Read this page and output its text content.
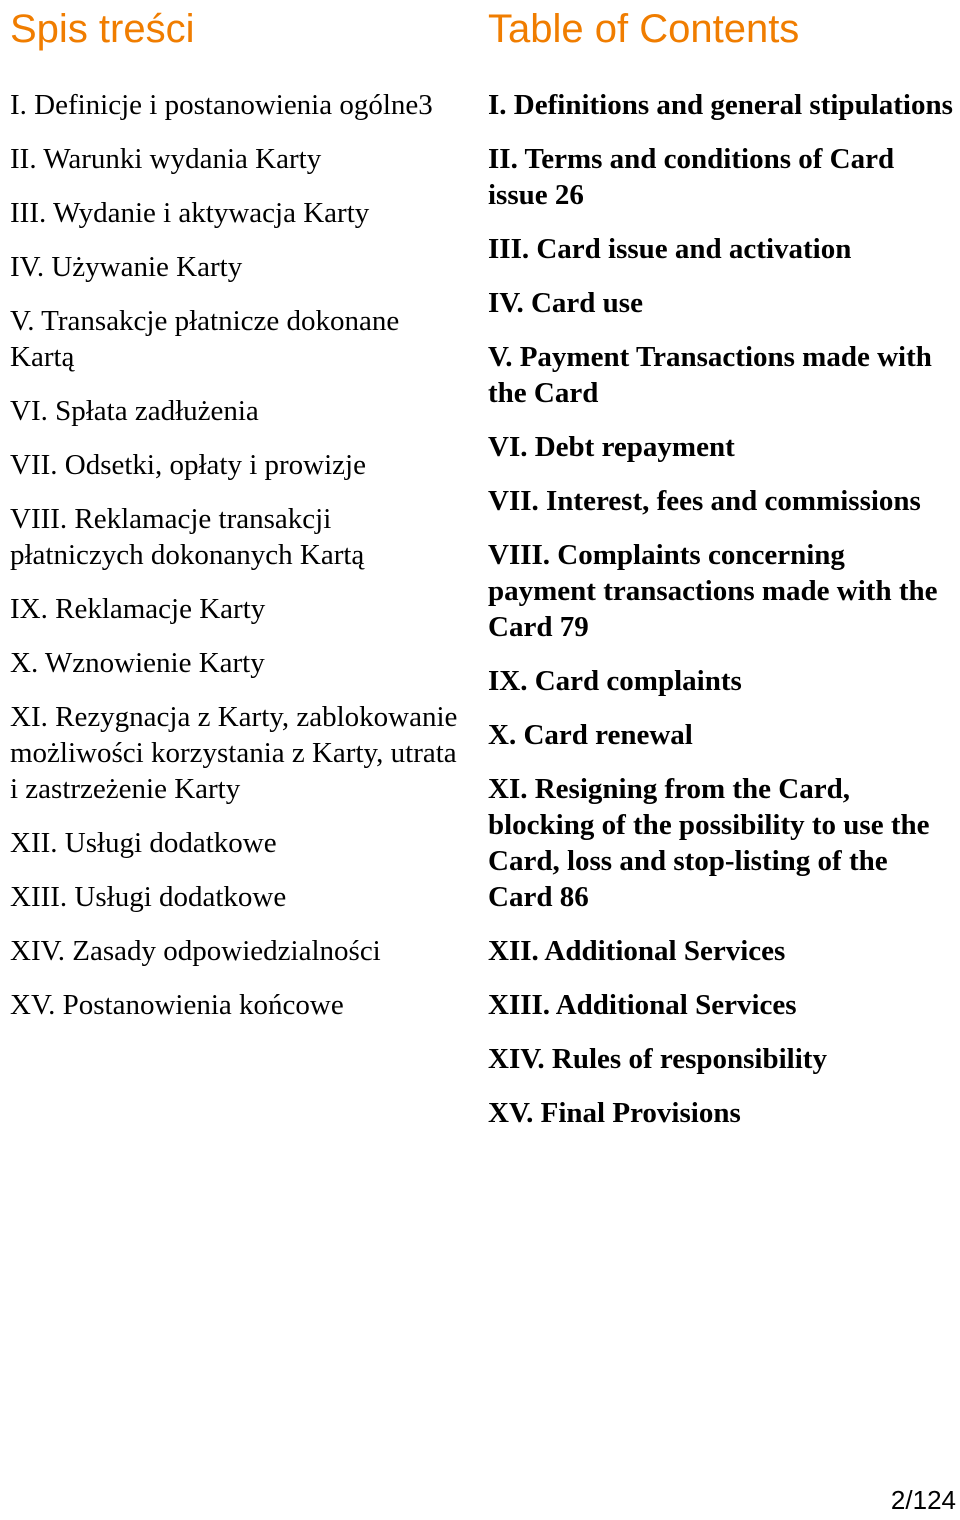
Spis treści
I. Definicje i postanowienia ogólne3
II. Warunki wydania Karty
III. Wydanie i aktywacja Karty
IV. Używanie Karty
V. Transakcje płatnicze dokonane Kartą
VI. Spłata zadłużenia
VII. Odsetki, opłaty i prowizje
VIII. Reklamacje transakcji płatniczych dokonanych Kartą
IX. Reklamacje Karty
X. Wznowienie Karty
XI. Rezygnacja z Karty, zablokowanie możliwości korzystania z Karty, utrata i zastrzeżenie Karty
XII. Usługi dodatkowe
XIII. Usługi dodatkowe
XIV. Zasady odpowiedzialności
XV. Postanowienia końcowe
Table of Contents
I. Definitions and general stipulations
II. Terms and conditions of Card issue 26
III. Card issue and activation
IV. Card use
V. Payment Transactions made with the Card
VI. Debt repayment
VII. Interest, fees and commissions
VIII. Complaints concerning payment transactions made with the Card 79
IX. Card complaints
X. Card renewal
XI. Resigning from the Card, blocking of the possibility to use the Card, loss and stop-listing of the Card 86
XII. Additional Services
XIII. Additional Services
XIV. Rules of responsibility
XV. Final Provisions
2/124
